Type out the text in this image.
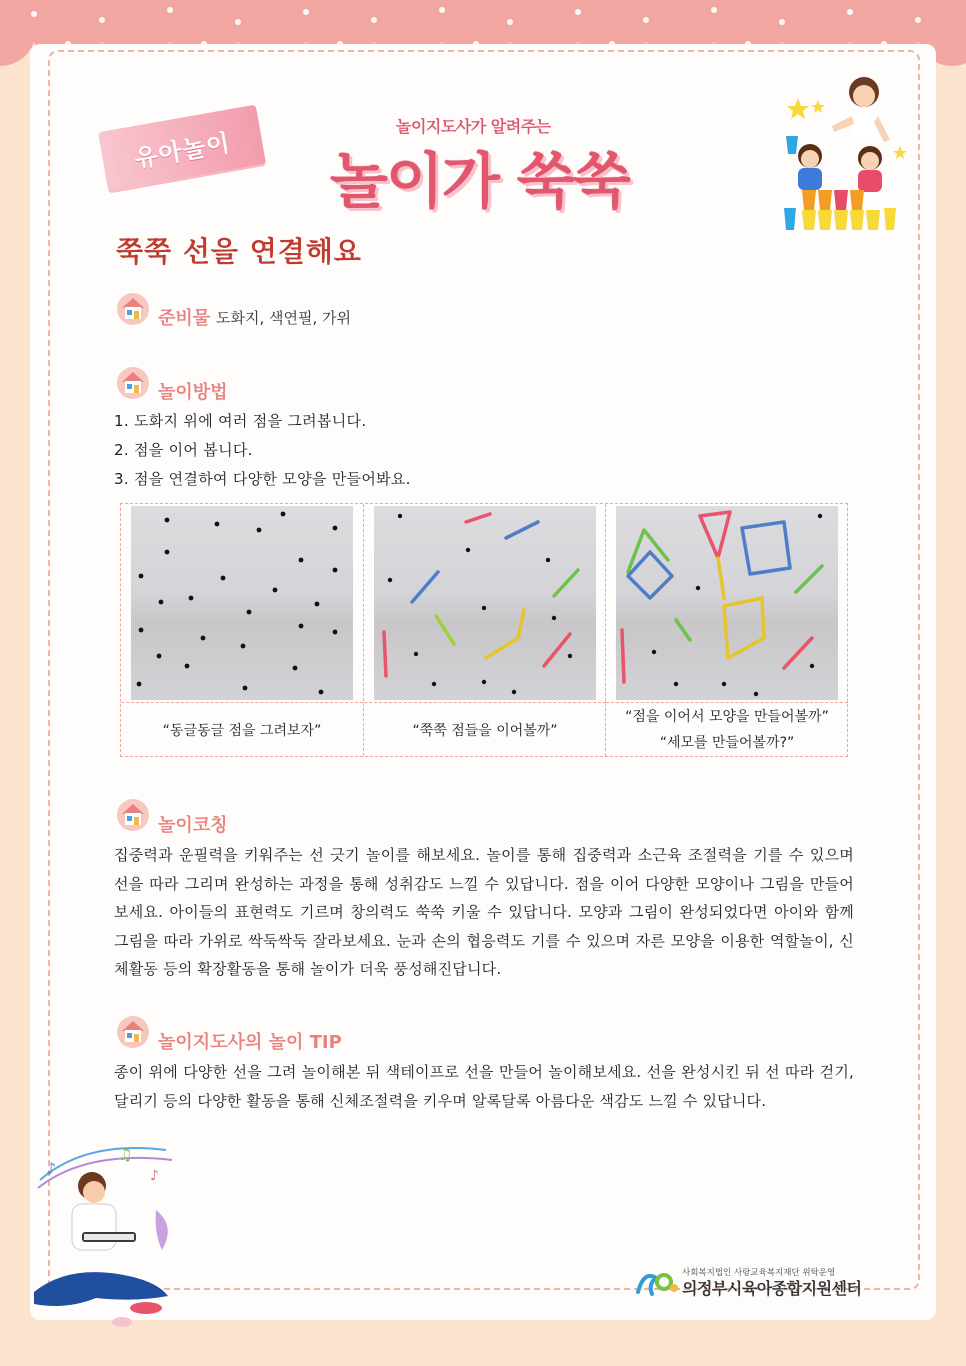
유아놀이
놀이지도사가 알려주는
놀이가 쑥쑥
쭉쭉 선을 연결해요
준비물 도화지, 색연필, 가위
놀이방법
1. 도화지 위에 여러 점을 그려봅니다.
2. 점을 이어 봅니다.
3. 점을 연결하여 다양한 모양을 만들어봐요.
“동글동글 점을 그려보자”	“쭉쭉 점들을 이어볼까”
“점을 이어서 모양을 만들어볼까”
“세모를 만들어볼까?”
놀이코칭
집중력과 운필력을 키워주는 선 긋기 놀이를 해보세요. 놀이를 통해 집중력과 소근육 조절력을 기를 수 있으며 선을 따라 그리며 완성하는 과정을 통해 성취감도 느낄 수 있답니다. 점을 이어 다양한 모양이나 그림을 만들어보세요. 아이들의 표현력도 기르며 창의력도 쑥쑥 키울 수 있답니다. 모양과 그림이 완성되었다면 아이와 함께 그림을 따라 가위로 싹둑싹둑 잘라보세요. 눈과 손의 협응력도 기를 수 있으며 자른 모양을 이용한 역할놀이, 신체활동 등의 확장활동을 통해 놀이가 더욱 풍성해진답니다.
놀이지도사의 놀이 TIP
종이 위에 다양한 선을 그려 놀이해본 뒤 색테이프로 선을 만들어 놀이해보세요. 선을 완성시킨 뒤 선 따라 걷기, 달리기 등의 다양한 활동을 통해 신체조절력을 키우며 알록달록 아름다운 색감도 느낄 수 있답니다.
♪
♫
♪
사회복지법인 사랑교육복지재단 위탁운영
의정부시육아종합지원센터
